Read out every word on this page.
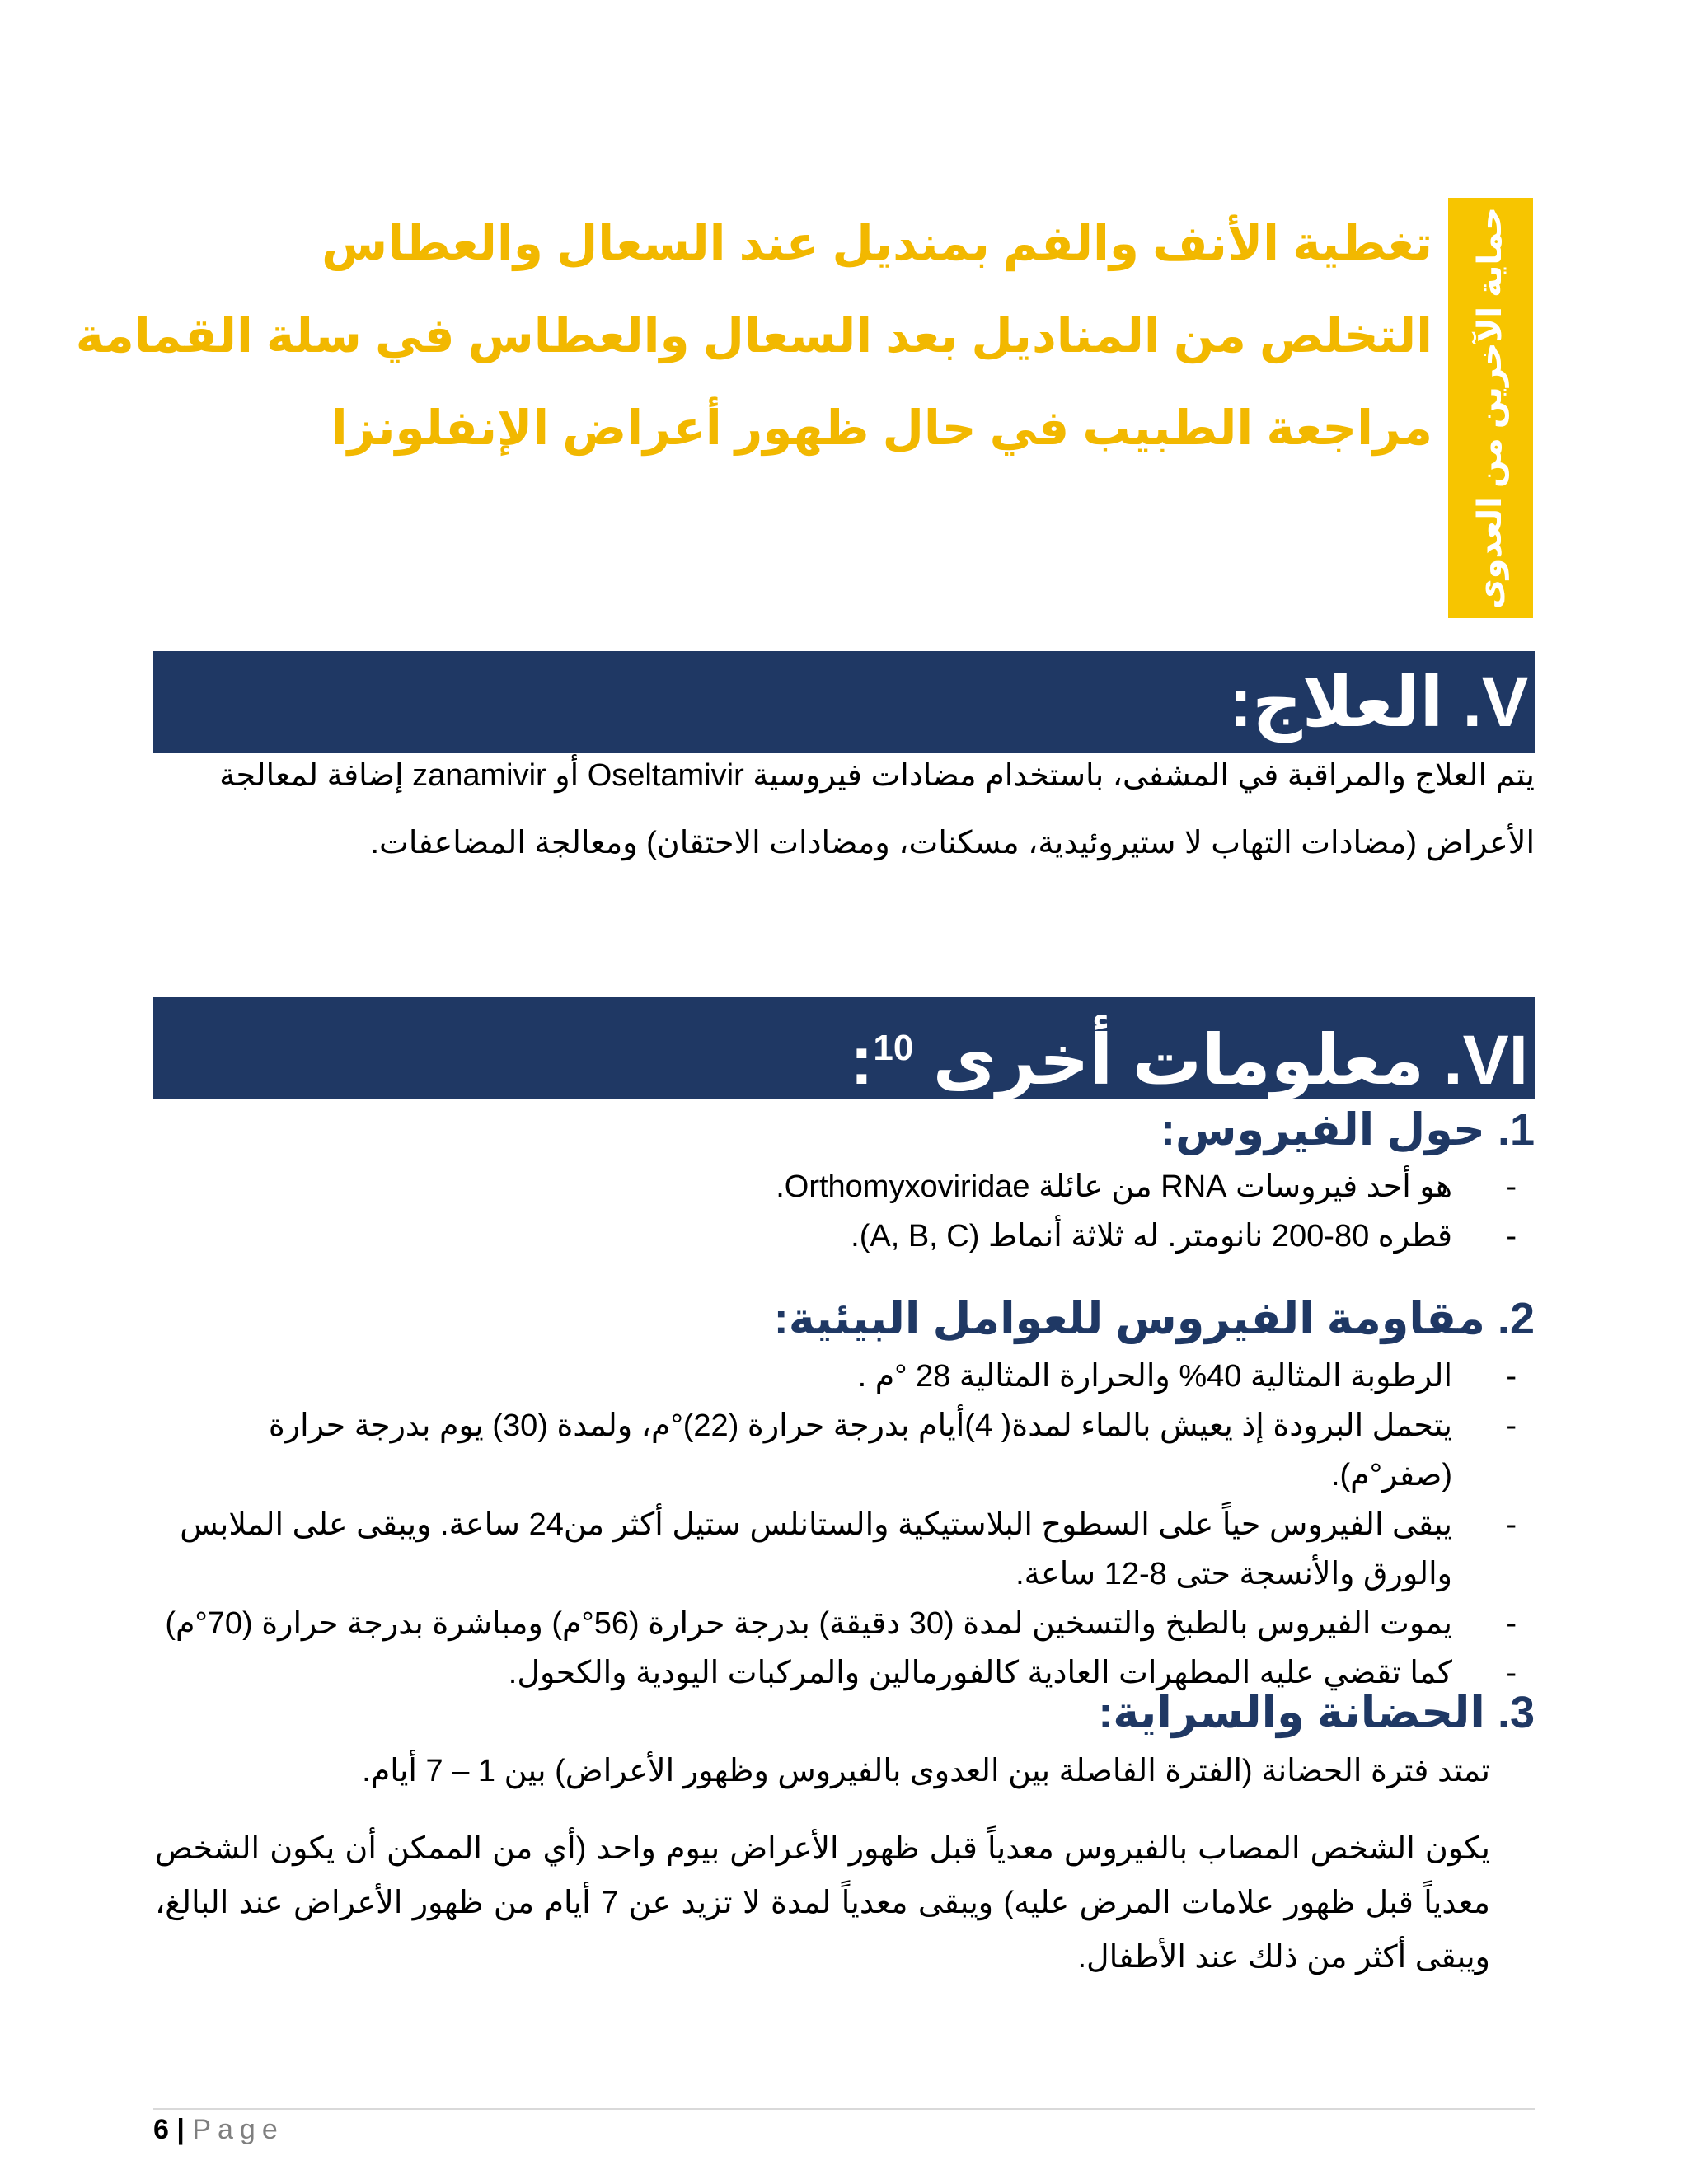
تغطية الأنف والفم بمنديل عند السعال والعطاس
التخلص من المناديل بعد السعال والعطاس في سلة القمامة
مراجعة الطبيب في حال ظهور أعراض الإنفلونزا حماية الآخرين من العدوى
V. العلاج:
يتم العلاج والمراقبة في المشفى، باستخدام مضادات فيروسية Oseltamivir أو zanamivir إضافة لمعالجة
الأعراض (مضادات التهاب لا ستيروئيدية، مسكنات، ومضادات الاحتقان) ومعالجة المضاعفات.
VI. معلومات أخرى $^{10}$:
1. حول الفيروس:
-
هو أحد فيروسات RNA من عائلة Orthomyxoviridae.
-
قطره 80-200 نانومتر. له ثلاثة أنماط (A, B, C).
2. مقاومة الفيروس للعوامل البيئية:
-
الرطوبة المثالية 40% والحرارة المثالية 28 °م .
-
يتحمل البرودة إذ يعيش بالماء لمدة( 4)أيام بدرجة حرارة (22)°م، ولمدة (30) يوم بدرجة حرارة (صفر°م).
-
يبقى الفيروس حياً على السطوح البلاستيكية والستانلس ستيل أكثر من24 ساعة. ويبقى على الملابس والورق والأنسجة حتى 8-12 ساعة.
-
يموت الفيروس بالطبخ والتسخين لمدة (30 دقيقة) بدرجة حرارة (56°م) ومباشرة بدرجة حرارة (70°م)
-
كما تقضي عليه المطهرات العادية كالفورمالين والمركبات اليودية والكحول.
3. الحضانة والسراية:
تمتد فترة الحضانة (الفترة الفاصلة بين العدوى بالفيروس وظهور الأعراض) بين 1 – 7 أيام.
يكون الشخص المصاب بالفيروس معدياً قبل ظهور الأعراض بيوم واحد (أي من الممكن أن يكون الشخص معدياً قبل ظهور علامات المرض عليه) ويبقى معدياً لمدة لا تزيد عن 7 أيام من ظهور الأعراض عند البالغ، ويبقى أكثر من ذلك عند الأطفال.
6 | Page
